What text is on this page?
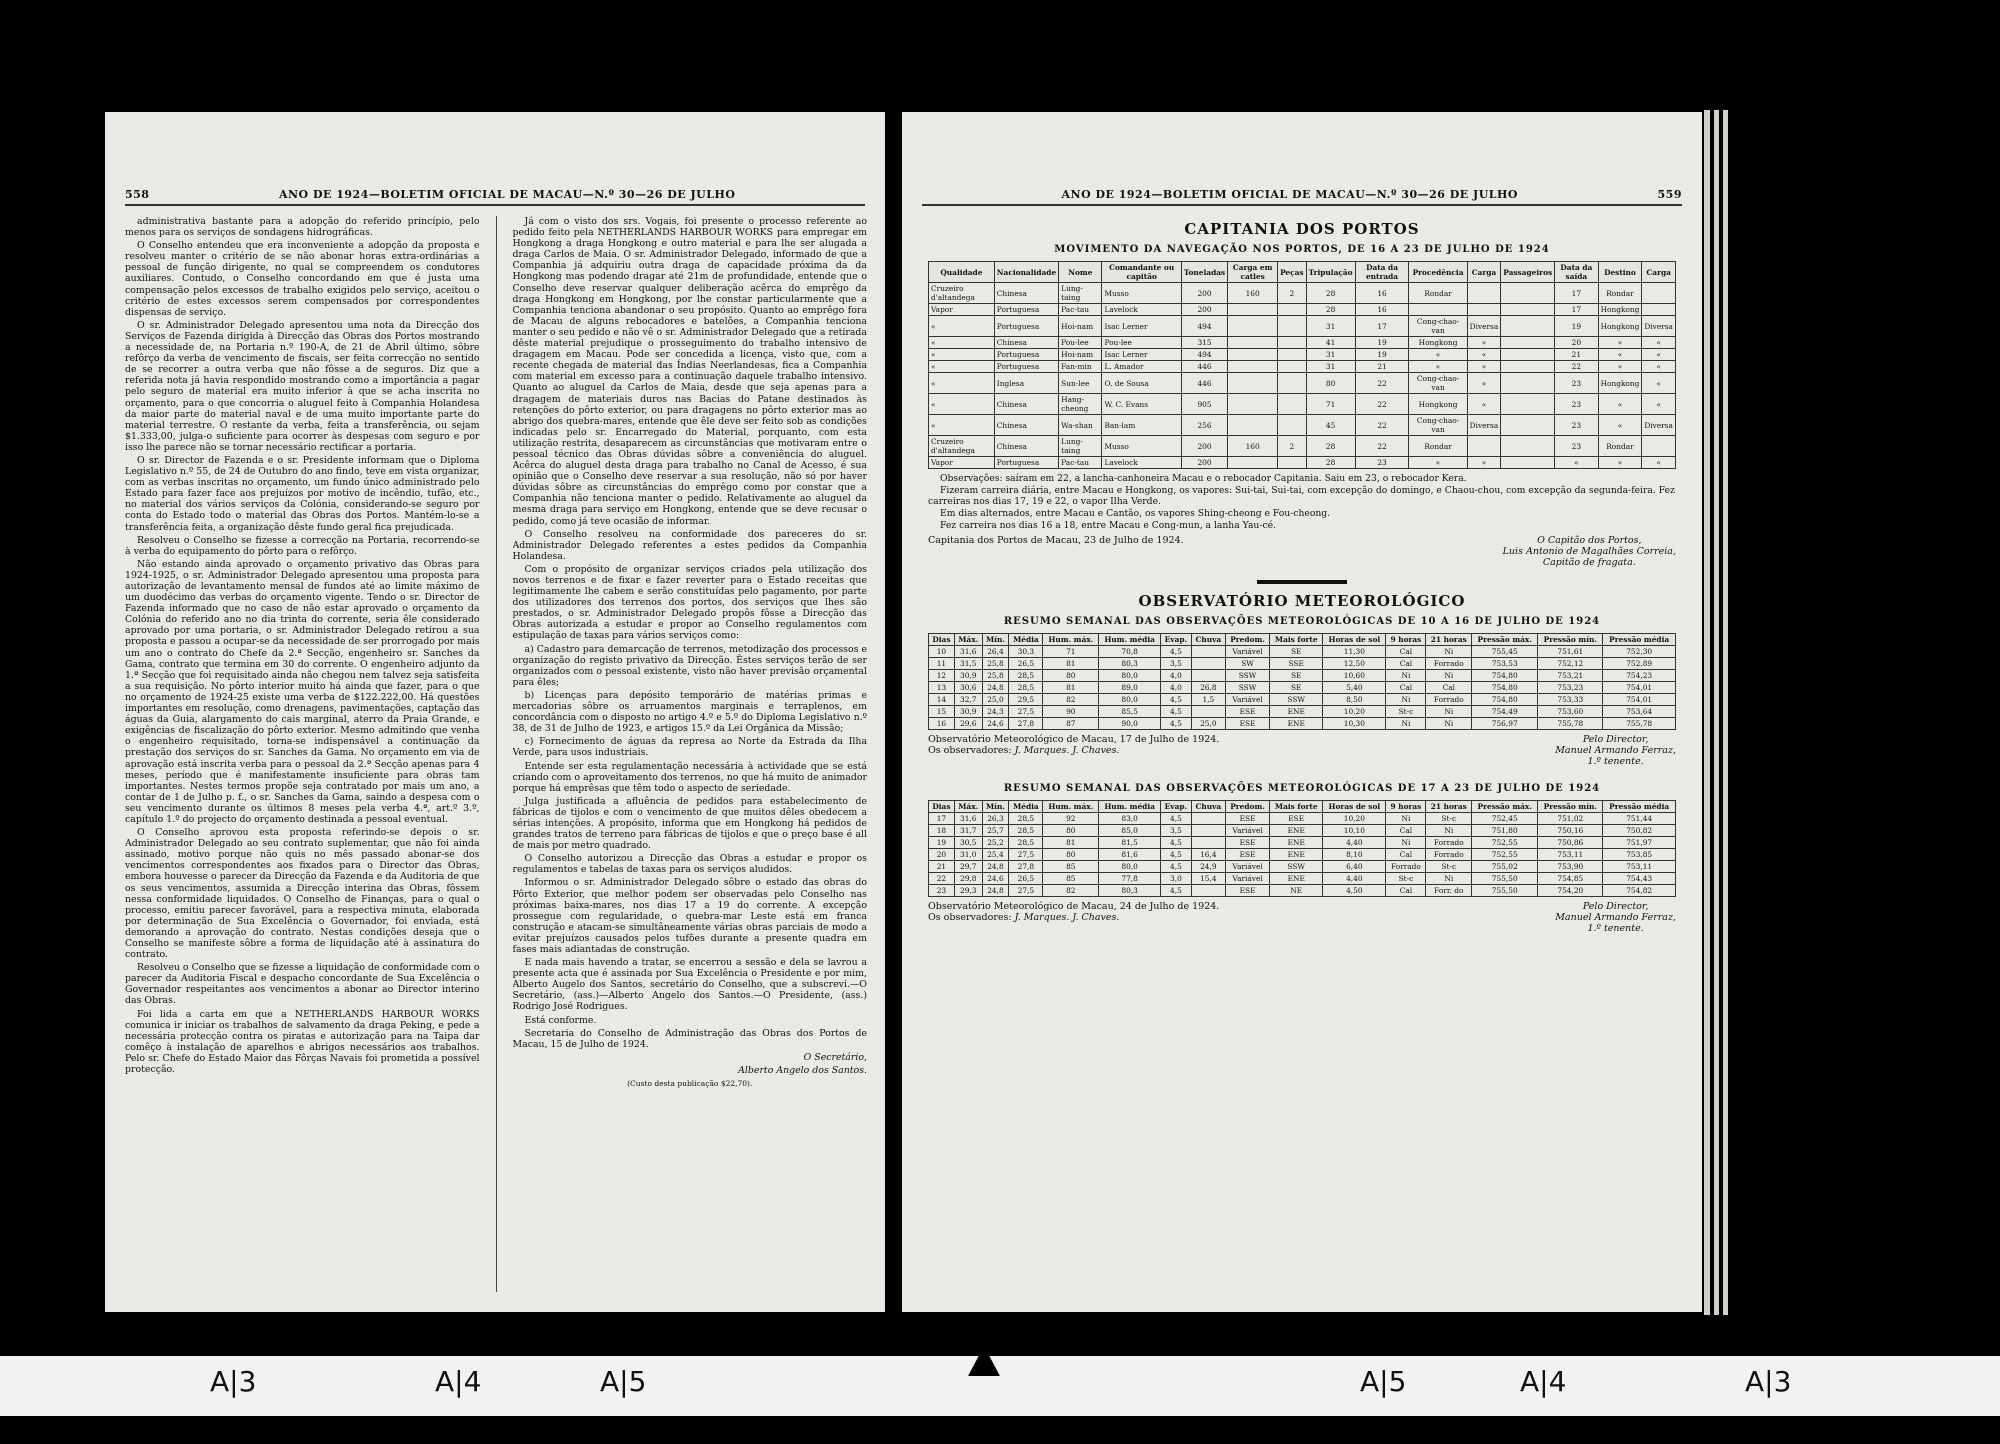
558	ANO DE 1924—BOLETIM OFICIAL DE MACAU—N.º 30—26 DE JULHO

administrativa bastante para a adopção do referido princípio, pelo menos para os serviços de sondagens hidrográficas.

O Conselho entendeu que era inconveniente a adopção da proposta e resolveu manter o critério de se não abonar horas extra-ordinárias a pessoal de função dirigente, no qual se compreendem os condutores auxiliares. Contudo, o Conselho concordando em que é justa uma compensação pelos excessos de trabalho exigidos pelo serviço, aceitou o critério de estes excessos serem compensados por correspondentes dispensas de serviço.

O sr. Administrador Delegado apresentou uma nota da Direcção dos Serviços de Fazenda dirigida à Direcção das Obras dos Portos mostrando a necessidade de, na Portaria n.º 190-A, de 21 de Abril último, sôbre refôrço da verba de vencimento de fiscais, ser feita correcção no sentido de se recorrer a outra verba que não fôsse a de seguros. Diz que a referida nota já havia respondido mostrando como a importância a pagar pelo seguro de material era muito inferior à que se acha inscrita no orçamento, para o que concorria o aluguel feito à Companhia Holandesa da maior parte do material naval e de uma muito importante parte do material terrestre. O restante da verba, feita a transferência, ou sejam $1.333,00, julga-o suficiente para ocorrer às despesas com seguro e por isso lhe parece não se tornar necessário rectificar a portaria.

O sr. Director de Fazenda e o sr. Presidente informam que o Diploma Legislativo n.º 55, de 24 de Outubro do ano findo, teve em vista organizar, com as verbas inscritas no orçamento, um fundo único administrado pelo Estado para fazer face aos prejuízos por motivo de incêndio, tufão, etc., no material dos vários serviços da Colónia, considerando-se seguro por conta do Estado todo o material das Obras dos Portos. Mantém-lo-se a transferência feita, a organização dêste fundo geral fica prejudicada.

Resolveu o Conselho se fizesse a correcção na Portaria, recorrendo-se à verba do equipamento do pôrto para o refôrço.

Não estando ainda aprovado o orçamento privativo das Obras para 1924-1925, o sr. Administrador Delegado apresentou uma proposta para autorização de levantamento mensal de fundos até ao limite máximo de um duodécimo das verbas do orçamento vigente. Tendo o sr. Director de Fazenda informado que no caso de não estar aprovado o orçamento da Colónia do referido ano no dia trinta do corrente, seria êle considerado aprovado por uma portaria, o sr. Administrador Delegado retirou a sua proposta e passou a ocupar-se da necessidade de ser prorrogado por mais um ano o contrato do Chefe da 2.ª Secção, engenheiro sr. Sanches da Gama, contrato que termina em 30 do corrente. O engenheiro adjunto da 1.ª Secção que foi requisitado ainda não chegou nem talvez seja satisfeita a sua requisição. No pôrto interior muito há ainda que fazer, para o que no orçamento de 1924-25 existe uma verba de $122.222,00. Há questões importantes em resolução, como drenagens, pavimentações, captação das águas da Guia, alargamento do cais marginal, aterro da Praia Grande, e exigências de fiscalização do pôrto exterior. Mesmo admitindo que venha o engenheiro requisitado, torna-se indispensável a continuação da prestação dos serviços do sr. Sanches da Gama. No orçamento em via de aprovação está inscrita verba para o pessoal da 2.ª Secção apenas para 4 meses, período que é manifestamente insuficiente para obras tam importantes. Nestes termos propõe seja contratado por mais um ano, a contar de 1 de Julho p. f., o sr. Sanches da Gama, saindo a despesa com o seu vencimento durante os últimos 8 meses pela verba 4.ª, art.º 3.º, capítulo 1.º do projecto do orçamento destinada a pessoal eventual.

O Conselho aprovou esta proposta referindo-se depois o sr. Administrador Delegado ao seu contrato suplementar, que não foi ainda assinado, motivo porque não quis no mês passado abonar-se dos vencimentos correspondentes aos fixados para o Director das Obras, embora houvesse o parecer da Direcção da Fazenda e da Auditoria de que os seus vencimentos, assumida a Direcção interina das Obras, fôssem nessa conformidade liquidados. O Conselho de Finanças, para o qual o processo, emitiu parecer favorável, para a respectiva minuta, elaborada por determinação de Sua Excelência o Governador, foi enviada, está demorando a aprovação do contrato. Nestas condições deseja que o Conselho se manifeste sôbre a forma de liquidação até à assinatura do contrato.

Resolveu o Conselho que se fizesse a liquidação de conformidade com o parecer da Auditoria Fiscal e despacho concordante de Sua Excelência o Governador respeitantes aos vencimentos a abonar ao Director interino das Obras.

Foi lida a carta em que a NETHERLANDS HARBOUR WORKS comunica ir iniciar os trabalhos de salvamento da draga Peking, e pede a necessária protecção contra os piratas e autorização para na Taipa dar comêço à instalação de aparelhos e abrigos necessários aos trabalhos. Pelo sr. Chefe do Estado Maior das Fôrças Navais foi prometida a possível protecção.

Já com o visto dos srs. Vogais, foi presente o processo referente ao pedido feito pela NETHERLANDS HARBOUR WORKS para empregar em Hongkong a draga Hongkong e outro material e para lhe ser alugada a draga Carlos de Maia. O sr. Administrador Delegado, informado de que a Companhia já adquiriu outra draga de capacidade próxima da da Hongkong mas podendo dragar até 21m de profundidade, entende que o Conselho deve reservar qualquer deliberação acêrca do emprêgo da draga Hongkong em Hongkong, por lhe constar particularmente que a Companhia tenciona abandonar o seu propósito. Quanto ao emprêgo fora de Macau de alguns rebocadores e batelões, a Companhia tenciona manter o seu pedido e não vê o sr. Administrador Delegado que a retirada dêste material prejudique o prosseguimento do trabalho intensivo de dragagem em Macau. Pode ser concedida a licença, visto que, com a recente chegada de material das Índias Neerlandesas, fica a Companhia com material em excesso para a continuação daquele trabalho intensivo. Quanto ao aluguel da Carlos de Maia, desde que seja apenas para a dragagem de materiais duros nas Bacias do Patane destinados às retenções do pôrto exterior, ou para dragagens no pôrto exterior mas ao abrigo dos quebra-mares, entende que êle deve ser feito sob as condições indicadas pelo sr. Encarregado do Material, porquanto, com esta utilização restrita, desaparecem as circunstâncias que motivaram entre o pessoal técnico das Obras dúvidas sôbre a conveniência do aluguel. Acêrca do aluguel desta draga para trabalho no Canal de Acesso, é sua opinião que o Conselho deve reservar a sua resolução, não só por haver dúvidas sôbre as circunstâncias do emprêgo como por constar que a Companhia não tenciona manter o pedido. Relativamente ao aluguel da mesma draga para serviço em Hongkong, entende que se deve recusar o pedido, como já teve ocasião de informar.

O Conselho resolveu na conformidade dos pareceres do sr. Administrador Delegado referentes a estes pedidos da Companhia Holandesa.

Com o propósito de organizar serviços criados pela utilização dos novos terrenos e de fixar e fazer reverter para o Estado receitas que legitimamente lhe cabem e serão constituídas pelo pagamento, por parte dos utilizadores dos terrenos dos portos, dos serviços que lhes são prestados, o sr. Administrador Delegado propôs fôsse a Direcção das Obras autorizada a estudar e propor ao Conselho regulamentos com estipulação de taxas para vários serviços como:

a) Cadastro para demarcação de terrenos, metodização dos processos e organização do registo privativo da Direcção. Êstes serviços terão de ser organizados com o pessoal existente, visto não haver previsão orçamental para êles;

b) Licenças para depósito temporário de matérias primas e mercadorias sôbre os arruamentos marginais e terraplenos, em concordância com o disposto no artigo 4.º e 5.º do Diploma Legislativo n.º 38, de 31 de Julho de 1923, e artigos 15.º da Lei Orgânica da Missão;

c) Fornecimento de águas da represa ao Norte da Estrada da Ilha Verde, para usos industriais.

Entende ser esta regulamentação necessária à actividade que se está criando com o aproveitamento dos terrenos, no que há muito de animador porque há emprêsas que têm todo o aspecto de seriedade.

Julga justificada a afluência de pedidos para estabelecimento de fábricas de tijolos e com o vencimento de que muitos dêles obedecem a sérias intenções. A propósito, informa que em Hongkong há pedidos de grandes tratos de terreno para fábricas de tijolos e que o preço base é all de mais por metro quadrado.

O Conselho autorizou a Direcção das Obras a estudar e propor os regulamentos e tabelas de taxas para os serviços aludidos.

Informou o sr. Administrador Delegado sôbre o estado das obras do Pôrto Exterior, que melhor podem ser observadas pelo Conselho nas próximas baixa-mares, nos dias 17 a 19 do corrente. A excepção prossegue com regularidade, o quebra-mar Leste está em franca construção e atacam-se simultâneamente várias obras parciais de modo a evitar prejuízos causados pelos tufões durante a presente quadra em fases mais adiantadas de construção.

E nada mais havendo a tratar, se encerrou a sessão e dela se lavrou a presente acta que é assinada por Sua Excelência o Presidente e por mim, Alberto Augelo dos Santos, secretário do Conselho, que a subscrevi.—O Secretário, (ass.)—Alberto Angelo dos Santos.—O Presidente, (ass.) Rodrigo José Rodrigues.

Está conforme.

Secretaria do Conselho de Administração das Obras dos Portos de Macau, 15 de Julho de 1924.

O Secretário,

Alberto Angelo dos Santos.

(Custo desta publicação $22,70).

ANO DE 1924—BOLETIM OFICIAL DE MACAU—N.º 30—26 DE JULHO	559
CAPITANIA DOS PORTOS
MOVIMENTO DA NAVEGAÇÃO NOS PORTOS, DE 16 A 23 DE JULHO DE 1924
Qualidade	Nacionalidade	Nome	Comandante ou capitão	Toneladas	Carga em catles	Peças	Tripulação	Data da entrada	Procedência	Carga	Passageiros	Data da saída	Destino	Carga
Cruzeiro d'altandega	Chinesa	Lung-taing	Musso	200	160	2	28	16	Rondar			17	Rondar	
Vapor	Portuguesa	Pac-tau	Lavelock	200			28	16				17	Hongkong	
«	Portuguesa	Hoi-nam	Isac Lerner	494			31	17	Cong-chao-van	Diversa		19	Hongkong	Diversa
«	Chinesa	Pou-lee	Pou-lee	315			41	19	Hongkong	«		20	«	«
«	Portuguesa	Hoi-nam	Isac Lerner	494			31	19	«	«		21	«	«
«	Portuguesa	Fan-min	L. Amador	446			31	21	«	«		22	«	«
«	Inglesa	Sun-lee	O. de Sousa	446			80	22	Cong-chao-van	«		23	Hongkong	«
«	Chinesa	Hang-cheong	W. C. Evans	905			71	22	Hongkong	«		23	«	«
«	Chinesa	Wa-shan	Ban-lam	256			45	22	Cong-chao-van	Diversa		23	«	Diversa
Cruzeiro d'altandega	Chinesa	Lung-taing	Musso	200	160	2	28	22	Rondar			23	Rondar	
Vapor	Portuguesa	Pac-tau	Lavelock	200			28	23	«	«		«	«	«

Observações: saíram em 22, a lancha-canhoneira Macau e o rebocador Capitania. Saiu em 23, o rebocador Kera.

Fizeram carreira diária, entre Macau e Hongkong, os vapores: Sui-tai, Sui-tai, com excepção do domingo, e Chaou-chou, com excepção da segunda-feira. Fez carreiras nos dias 17, 19 e 22, o vapor Ilha Verde.

Em dias alternados, entre Macau e Cantão, os vapores Shing-cheong e Fou-cheong.

Fez carreira nos dias 16 a 18, entre Macau e Cong-mun, a lanha Yau-cé.

Capitania dos Portos de Macau, 23 de Julho de 1924.	O Capitão dos Portos,
Luis Antonio de Magalhães Correia,
Capitão de fragata.
OBSERVATÓRIO METEOROLÓGICO
RESUMO SEMANAL DAS OBSERVAÇÕES METEOROLÓGICAS DE 10 A 16 DE JULHO DE 1924
Dias	Máx.	Mín.	Média	Hum. máx.	Hum. média	Evap.	Chuva	Predom.	Mais forte	Horas de sol	9 horas	21 horas	Pressão máx.	Pressão mín.	Pressão média
10	31,6	26,4	30,3	71	70,8	4,5		Variável	SE	11,30	Cal	Ni	755,45	751,61	752,30
11	31,5	25,8	26,5	81	80,3	3,5		SW	SSE	12,50	Cal	Forrado	753,53	752,12	752,89
12	30,9	25,8	28,5	80	80,0	4,0		SSW	SE	10,60	Ni	Ni	754,80	753,21	754,23
13	30,6	24,8	28,5	81	89,0	4,0	26,8	SSW	SE	5,40	Cal	Cal	754,80	753,23	754,01
14	32,7	25,0	29,5	82	80,0	4,5	1,5	Variável	SSW	8,50	Ni	Forrado	754,80	753,33	754,01
15	30,9	24,3	27,5	90	85,5	4,5		ESE	ENE	10,20	St-c	Ni	754,49	753,60	753,64
16	29,6	24,6	27,8	87	90,0	4,5	25,0	ESE	ENE	10,30	Ni	Ni	756,97	755,78	755,78
Observatório Meteorológico de Macau, 17 de Julho de 1924.
Os observadores: J. Marques. J. Chaves.
Pelo Director,
Manuel Armando Ferraz,
1.º tenente.
RESUMO SEMANAL DAS OBSERVAÇÕES METEOROLÓGICAS DE 17 A 23 DE JULHO DE 1924
Dias	Máx.	Mín.	Média	Hum. máx.	Hum. média	Evap.	Chuva	Predom.	Mais forte	Horas de sol	9 horas	21 horas	Pressão máx.	Pressão mín.	Pressão média
17	31,6	26,3	28,5	92	83,0	4,5		ESE	ESE	10,20	Ni	St-c	752,45	751,02	751,44
18	31,7	25,7	28,5	80	85,0	3,5		Variável	ENE	10,10	Cal	Ni	751,80	750,16	750,82
19	30,5	25,2	28,5	81	81,5	4,5		ESE	ENE	4,40	Ni	Forrado	752,55	750,86	751,97
20	31,0	25,4	27,5	80	81,6	4,5	16,4	ESE	ENE	8,10	Cal	Forrado	752,55	753,11	753,85
21	29,7	24,8	27,8	85	80,0	4,5	24,9	Variável	SSW	6,40	Forrado	St-c	755,02	753,90	753,11
22	29,8	24,6	26,5	85	77,8	3,0	15,4	Variável	ENE	4,40	St-c	Ni	755,50	754,85	754,43
23	29,3	24,8	27,5	82	80,3	4,5		ESE	NE	4,50	Cal	Forr. do	755,50	754,20	754,82
Observatório Meteorológico de Macau, 24 de Julho de 1924.
Os observadores: J. Marques. J. Chaves.
Pelo Director,
Manuel Armando Ferraz,
1.º tenente.
A|3	A|4	A|5	A|5	A|4	A|3
